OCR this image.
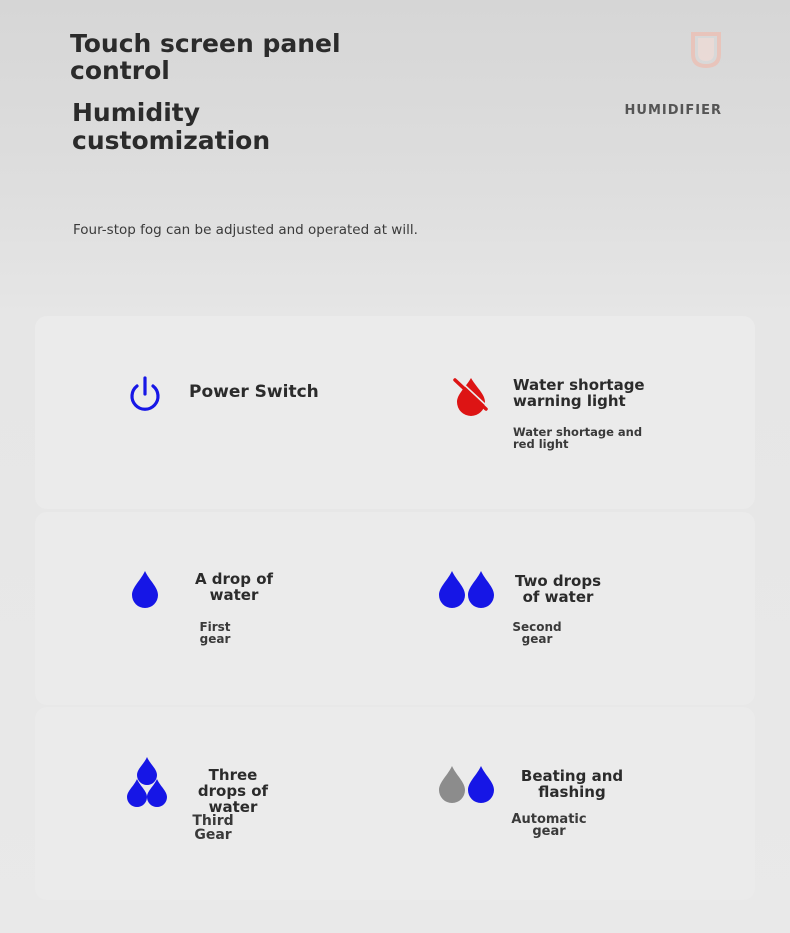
Touch screen panel control
Humidity customization
Four-stop fog can be adjusted and operated at will.
HUMIDIFIER
Power Switch	Water shortage warning light
Water shortage and red light
A drop of water
First gear
Two drops of water
Second gear
Three drops of water
Third Gear
Beating and flashing
Automatic gear
